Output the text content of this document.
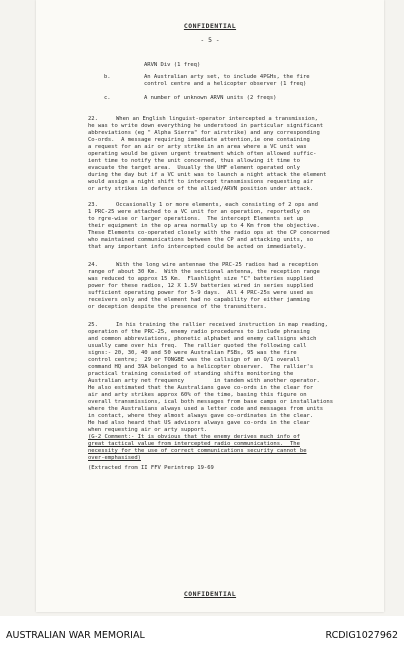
CONFIDENTIAL
- 5 -
ARVN Div (1 freq)
b.	An Australian arty set, to include 4PGHs, the fire
control centre and a helicopter observer (1 freq)
c.	A number of unknown ARVN units (2 freqs)
22.	When an English linguist-operator intercepted a transmission,
he was to write down everything he understood in particular significant
abbreviations (eg " Alpha Sierra" for airstrike) and any corresponding
Co-ords.  A message requiring immediate attention,ie one containing
a request for an air or arty strike in an area where a VC unit was
operating would be given urgent treatment which often allowed suffic-
ient time to notify the unit concerned, thus allowing it time to
evacuate the target area.  Usually the UHF element operated only
during the day but if a VC unit was to launch a night attack the element
would assign a night shift to intercept transmissions requesting air
or arty strikes in defence of the allied/ARVN position under attack.
23.	Occasionally 1 or more elements, each consisting of 2 ops and
1 PRC-25 were attached to a VC unit for an operation, reportedly on
to rgre-wise or larger operations.  The intercept Elements set up
their equipment in the op area normally up to 4 Km from the objective.
These Elements co-operated closely with the radio ops at the CP concerned
who maintained communications between the CP and attacking units, so
that any important info intercepted could be acted on immediately.
24.	With the long wire antennae the PRC-25 radios had a reception
range of about 30 Km.  With the sectional antenna, the reception range
was reduced to approx 15 Km.  Flashlight size "C" batteries supplied
power for these radios, 12 X 1.5V batteries wired in series supplied
sufficient operating power for 5-9 days.  All 4 PRC-25s were used as
receivers only and the element had no capability for either jamming
or deception despite the presence of the transmitters.
25.	In his training the rallier received instruction in map reading,
operation of the PRC-25, enemy radio procedures to include phrasing
and common abbreviations, phonetic alphabet and enemy callsigns which
usually came over his freq.  The rallier quoted the following call
signs:- 20, 30, 40 and 50 were Australian FSBs, 95 was the fire
control centre;  29 or TONGBE was the callsign of an O/1 overall
command HQ and 39A belonged to a helicopter observer.  The rallier's
practical training consisted of standing shifts monitoring the
Australian arty net frequency         in tandem with another operator.
He also estimated that the Australians gave co-ords in the clear for
air and arty strikes approx 60% of the time, basing this figure on
overall transmissions, ical both messages from base camps or installations
where the Australians always used a letter code and messages from units
in contact, where they almost always gave co-ordinates in the clear.
He had also heard that US advisors always gave co-ords in the clear
when requesting air or arty support.
(G-2 Comment:- It is obvious that the enemy derives much info of
great tactical value from intercepted radio communications.  The
necessity for the use of correct communications security cannot be
over-emphasised)
(Extracted from II FFV Perintrep 19-69
CONFIDENTIAL
AUSTRALIAN WAR MEMORIAL	RCDIG1027962
